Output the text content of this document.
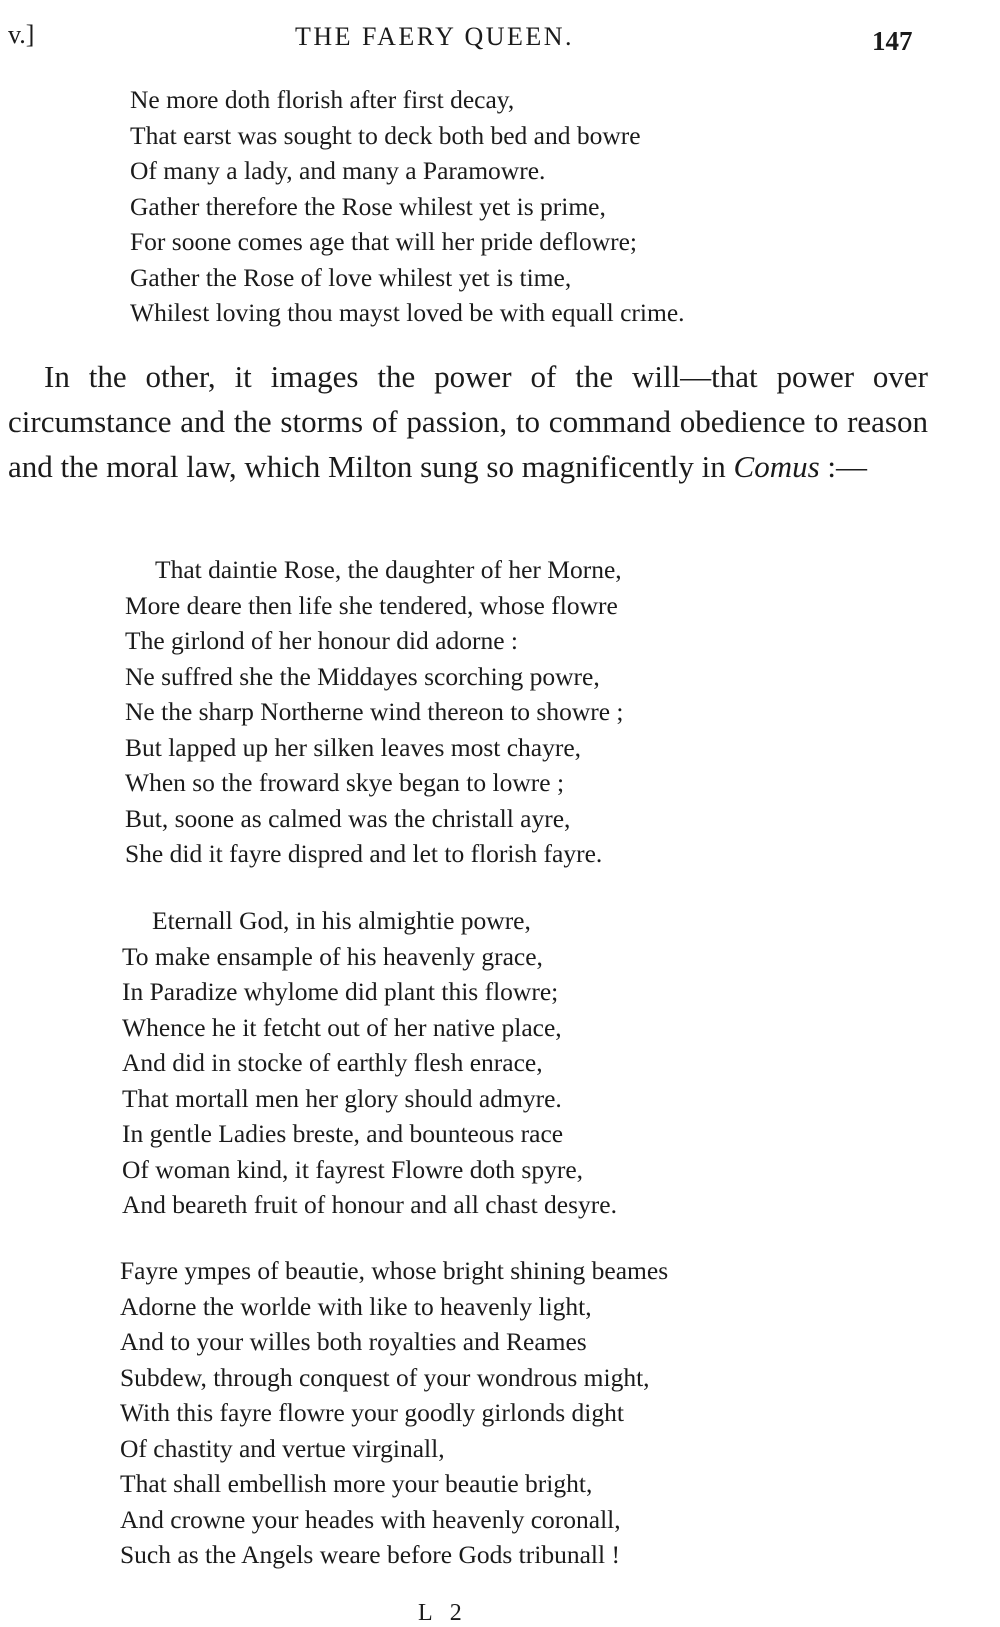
v.]	THE FAERY QUEEN.	147
Ne more doth florish after first decay,
That earst was sought to deck both bed and bowre
Of many a lady, and many a Paramowre.
Gather therefore the Rose whilest yet is prime,
For soone comes age that will her pride deflowre;
Gather the Rose of love whilest yet is time,
Whilest loving thou mayst loved be with equall crime.
In the other, it images the power of the will—that power over circumstance and the storms of passion, to command obedience to reason and the moral law, which Milton sung so magnificently in Comus :—
That daintie Rose, the daughter of her Morne,
More deare then life she tendered, whose flowre
The girlond of her honour did adorne :
Ne suffred she the Middayes scorching powre,
Ne the sharp Northerne wind thereon to showre ;
But lapped up her silken leaves most chayre,
When so the froward skye began to lowre ;
But, soone as calmed was the christall ayre,
She did it fayre dispred and let to florish fayre.
Eternall God, in his almightie powre,
To make ensample of his heavenly grace,
In Paradize whylome did plant this flowre;
Whence he it fetcht out of her native place,
And did in stocke of earthly flesh enrace,
That mortall men her glory should admyre.
In gentle Ladies breste, and bounteous race
Of woman kind, it fayrest Flowre doth spyre,
And beareth fruit of honour and all chast desyre.
Fayre ympes of beautie, whose bright shining beames
Adorne the worlde with like to heavenly light,
And to your willes both royalties and Reames
Subdew, through conquest of your wondrous might,
With this fayre flowre your goodly girlonds dight
Of chastity and vertue virginall,
That shall embellish more your beautie bright,
And crowne your heades with heavenly coronall,
Such as the Angels weare before Gods tribunall !
L 2
